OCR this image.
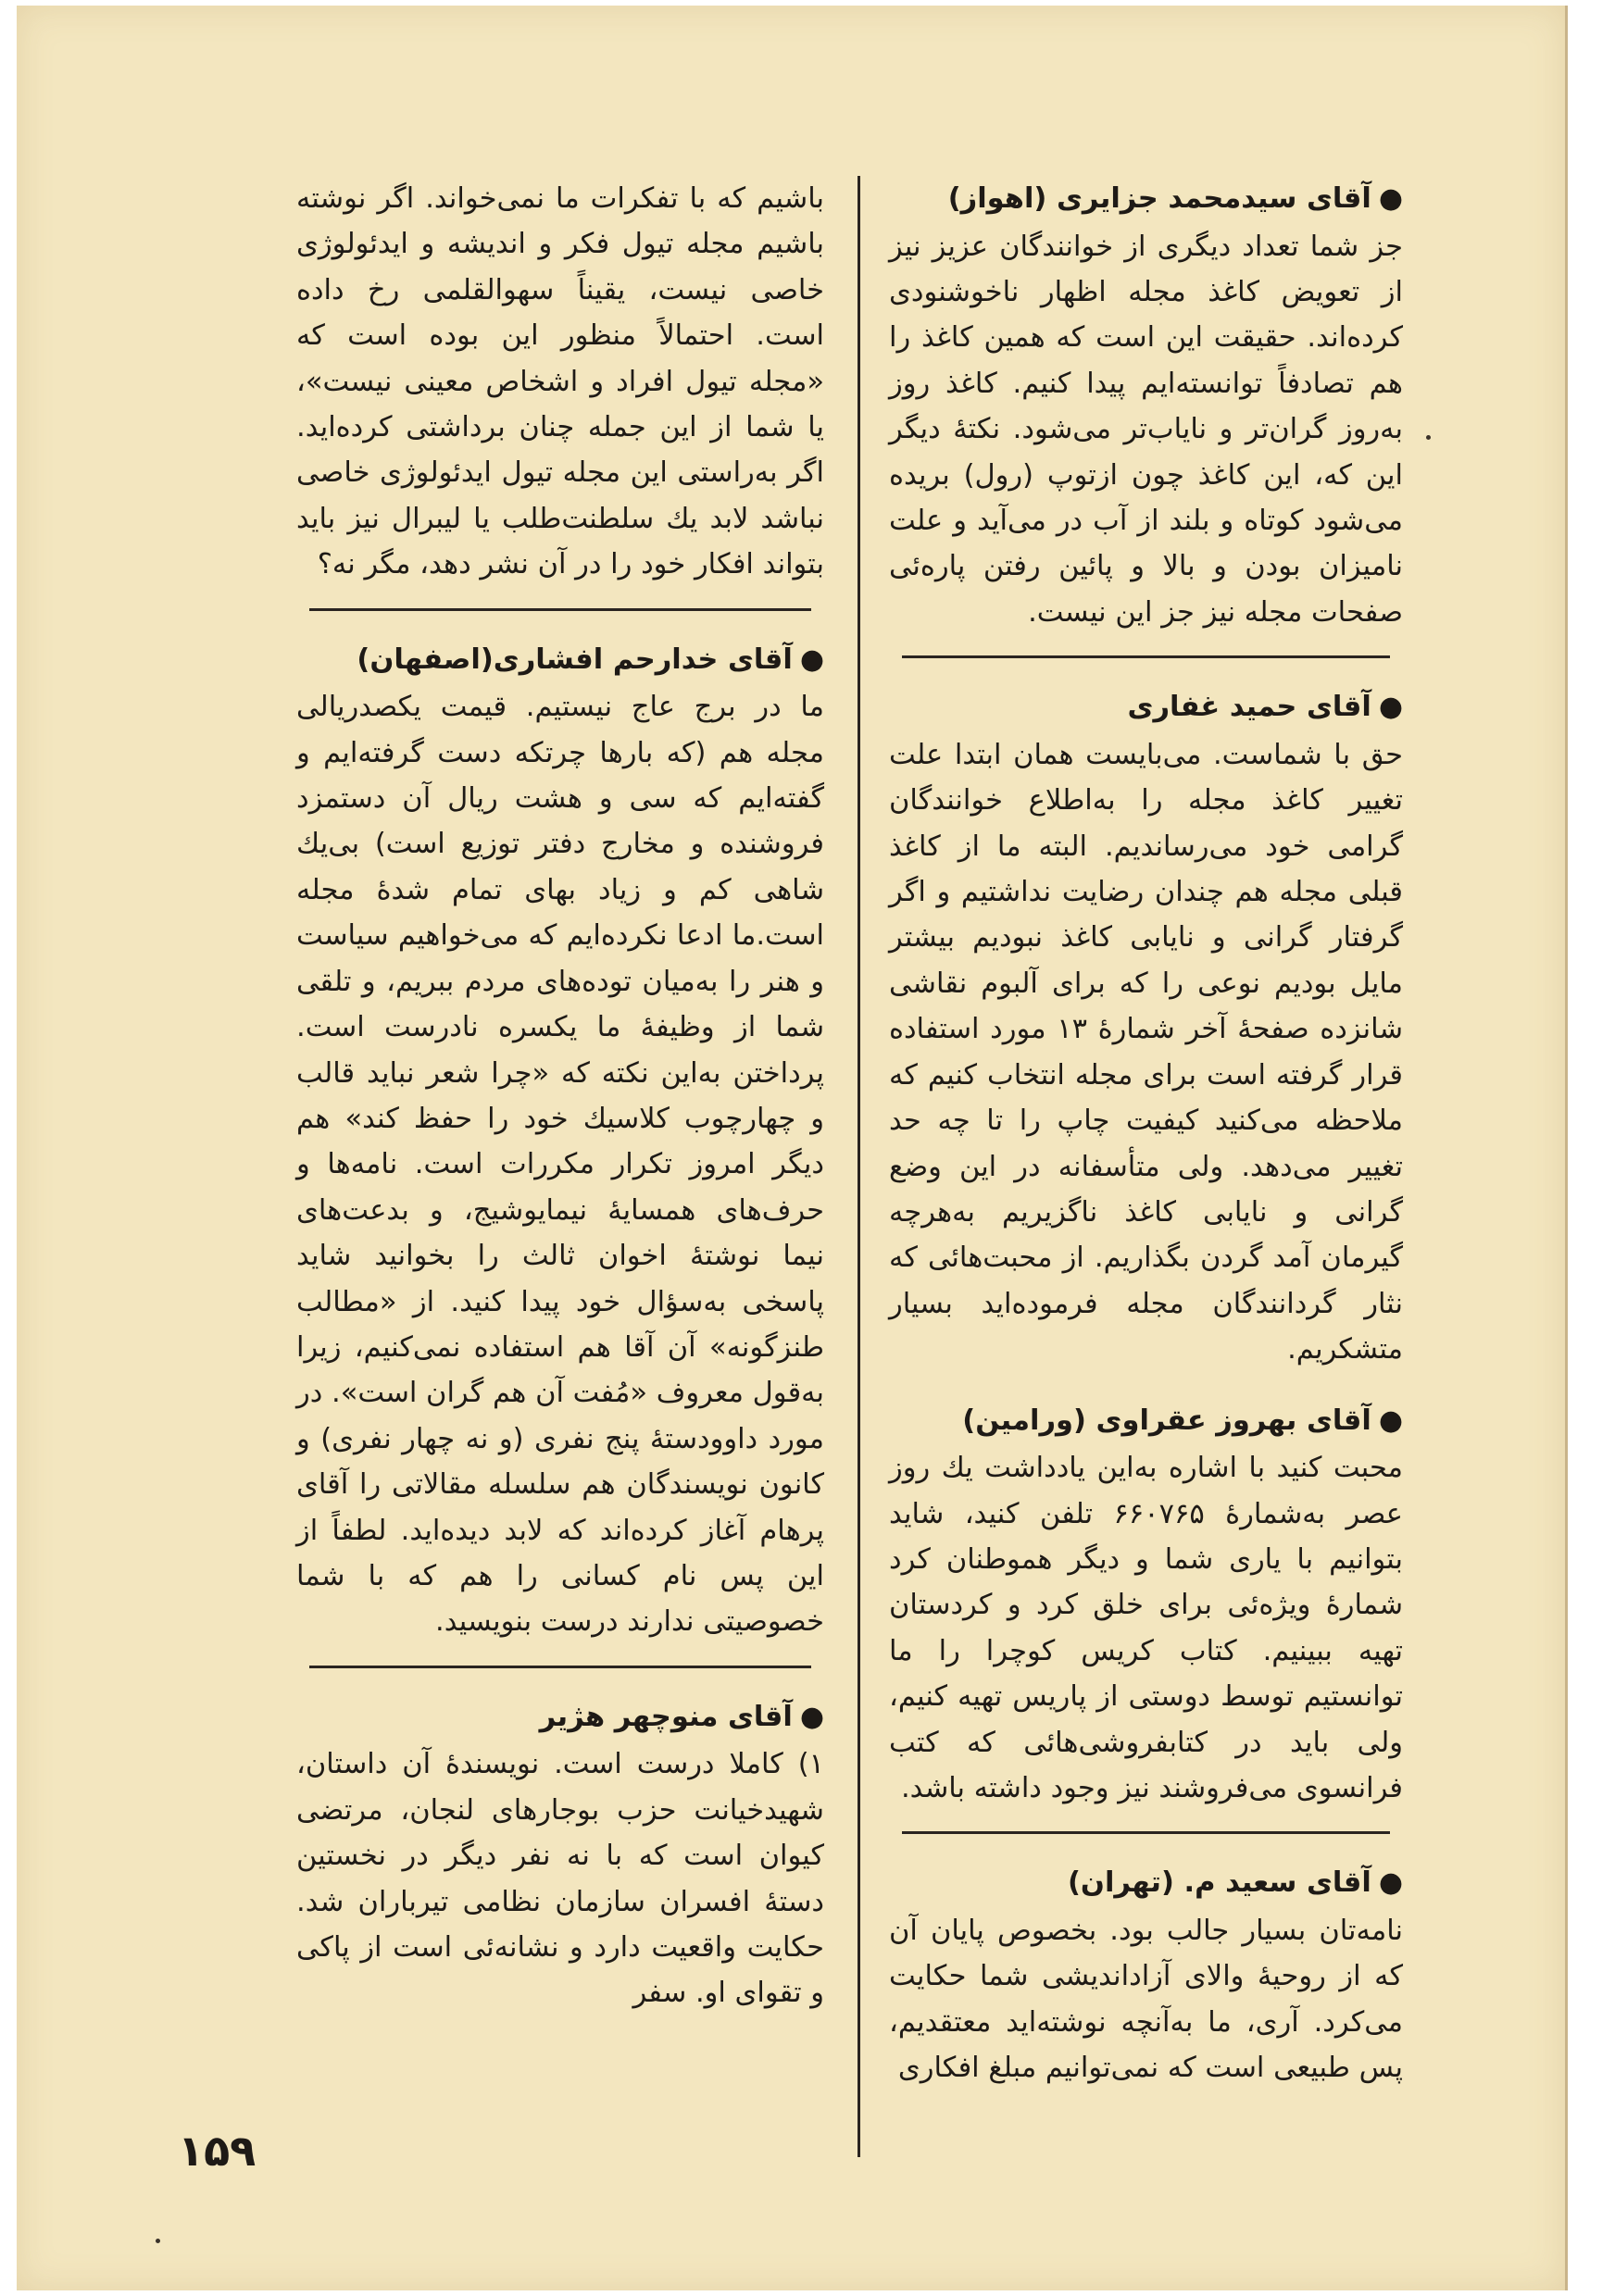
●آقای سیدمحمد جزایری (اهواز)

جز شما تعداد دیگری از خوانندگان عزیز نیز از تعویض کاغذ مجله اظهار ناخوشنودی کرده‌اند. حقیقت این است که همین کاغذ را هم تصادفاً توانسته‌ایم پیدا کنیم. کاغذ روز به‌روز گران‌تر و نایاب‌تر می‌شود. نکتهٔ دیگر این که، این کاغذ چون ازتوپ (رول) بریده می‌شود کوتاه و بلند از آب در می‌آید و علت نامیزان بودن و بالا و پائین رفتن پاره‌ئی صفحات مجله نیز جز این نیست.

●آقای حمید غفاری

حق با شماست. می‌بایست همان ابتدا علت تغییر کاغذ مجله را به‌اطلاع خوانندگان گرامی خود می‌رساندیم. البته ما از کاغذ قبلی مجله هم چندان رضایت نداشتیم و اگر گرفتار گرانی و نایابی کاغذ نبودیم بیشتر مایل بودیم نوعی را که برای آلبوم نقاشی شانزده صفحهٔ آخر شمارهٔ ۱۳ مورد استفاده قرار گرفته است برای مجله انتخاب کنیم که ملاحظه می‌کنید کیفیت چاپ را تا چه حد تغییر می‌دهد. ولی متأسفانه در این وضع گرانی و نایابی کاغذ ناگزیریم به‌هرچه گیرمان آمد گردن بگذاریم. از محبت‌هائی که نثار گردانندگان مجله فرموده‌اید بسیار متشکریم.

●آقای بهروز عقراوی (ورامین)

محبت کنید با اشاره به‌این یادداشت یك روز عصر به‌شمارهٔ ۶۶۰۷۶۵ تلفن کنید، شاید بتوانیم با یاری شما و دیگر هموطنان کرد شمارهٔ ویژه‌ئی برای خلق کرد و کردستان تهیه ببینیم. کتاب کریس کوچرا را ما توانستیم توسط دوستی از پاریس تهیه کنیم، ولی باید در کتابفروشی‌هائی که کتب فرانسوی می‌فروشند نیز وجود داشته باشد.

●آقای سعید م. (تهران)

نامه‌تان بسیار جالب بود. بخصوص پایان آن که از روحیهٔ والای آزاداندیشی شما حکایت می‌کرد. آری، ما به‌آنچه نوشته‌اید معتقدیم، پس طبیعی است که نمی‌توانیم مبلغ افکاری

باشیم که با تفکرات ما نمی‌خواند. اگر نوشته باشیم مجله تیول فکر و اندیشه و ایدئولوژی خاصی نیست، یقیناً سهوالقلمی رخ داده است. احتمالاً منظور این بوده است که «مجله تیول افراد و اشخاص معینی نیست»، یا شما از این جمله چنان برداشتی کرده‌اید. اگر به‌راستی این مجله تیول ایدئولوژی خاصی نباشد لابد یك سلطنت‌طلب یا لیبرال نیز باید بتواند افکار خود را در آن نشر دهد، مگر نه؟

●آقای خدارحم افشاری(اصفهان)

ما در برج عاج نیستیم. قیمت یکصدریالی مجله هم (که بارها چرتکه دست گرفته‌ایم و گفته‌ایم که سی و هشت ریال آن دستمزد فروشنده و مخارج دفتر توزیع است) بی‌یك شاهی کم و زیاد بهای تمام شدهٔ مجله است.ما ادعا نکرده‌ایم که می‌خواهیم سیاست و هنر را به‌میان توده‌های مردم ببریم، و تلقی شما از وظیفهٔ ما یکسره نادرست است. پرداختن به‌این نکته که «چرا شعر نباید قالب و چهارچوب کلاسیك خود را حفظ کند» هم دیگر امروز تکرار مکررات است. نامه‌ها و حرف‌های همسایهٔ نیمایوشیج، و بدعت‌های نیما نوشتهٔ اخوان ثالث را بخوانید شاید پاسخی به‌سؤال خود پیدا کنید. از «مطالب طنزگونه» آن آقا هم استفاده نمی‌کنیم، زیرا به‌قول معروف «مُفت آن هم گران است». در مورد داوودستهٔ پنج نفری (و نه چهار نفری) و کانون نویسندگان هم سلسله مقالاتی را آقای پرهام آغاز کرده‌اند که لابد دیده‌اید. لطفاً از این پس نام کسانی را هم که با شما خصوصیتی ندارند درست بنویسید.

●آقای منوچهر هژیر

۱) کاملا درست است. نویسندهٔ آن داستان، شهیدخیانت حزب بوجارهای لنجان، مرتضی کیوان است که با نه نفر دیگر در نخستین دستهٔ افسران سازمان نظامی تیرباران شد. حکایت واقعیت دارد و نشانه‌ئی است از پاکی و تقوای او. سفر

۱۵۹
